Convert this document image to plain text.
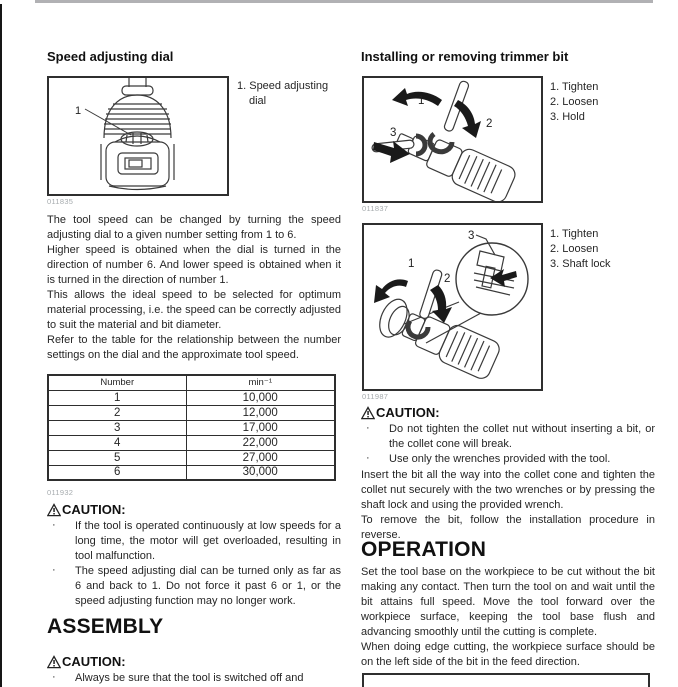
Speed adjusting dial
1
1. Speed adjusting dial
011835

The tool speed can be changed by turning the speed adjusting dial to a given number setting from 1 to 6.

Higher speed is obtained when the dial is turned in the direction of number 6. And lower speed is obtained when it is turned in the direction of number 1.

This allows the ideal speed to be selected for optimum material processing, i.e. the speed can be correctly adjusted to suit the material and bit diameter.

Refer to the table for the relationship between the number settings on the dial and the approximate tool speed.

Number	min⁻¹
1	10,000
2	12,000
3	17,000
4	22,000
5	27,000
6	30,000
011932
CAUTION:
· If the tool is operated continuously at low speeds for a long time, the motor will get overloaded, resulting in tool malfunction.
· The speed adjusting dial can be turned only as far as 6 and back to 1. Do not force it past 6 or 1, or the speed adjusting function may no longer work.
ASSEMBLY
CAUTION:
· Always be sure that the tool is switched off and
Installing or removing trimmer bit
1
2
3
1. Tighten
2. Loosen
3. Hold
011837
1
2
3	1. Tighten
2. Loosen
3. Shaft lock
011987
CAUTION:
· Do not tighten the collet nut without inserting a bit, or the collet cone will break.
· Use only the wrenches provided with the tool.

Insert the bit all the way into the collet cone and tighten the collet nut securely with the two wrenches or by pressing the shaft lock and using the provided wrench.

To remove the bit, follow the installation procedure in reverse.

OPERATION

Set the tool base on the workpiece to be cut without the bit making any contact. Then turn the tool on and wait until the bit attains full speed. Move the tool forward over the workpiece surface, keeping the tool base flush and advancing smoothly until the cutting is complete.

When doing edge cutting, the workpiece surface should be on the left side of the bit in the feed direction.
